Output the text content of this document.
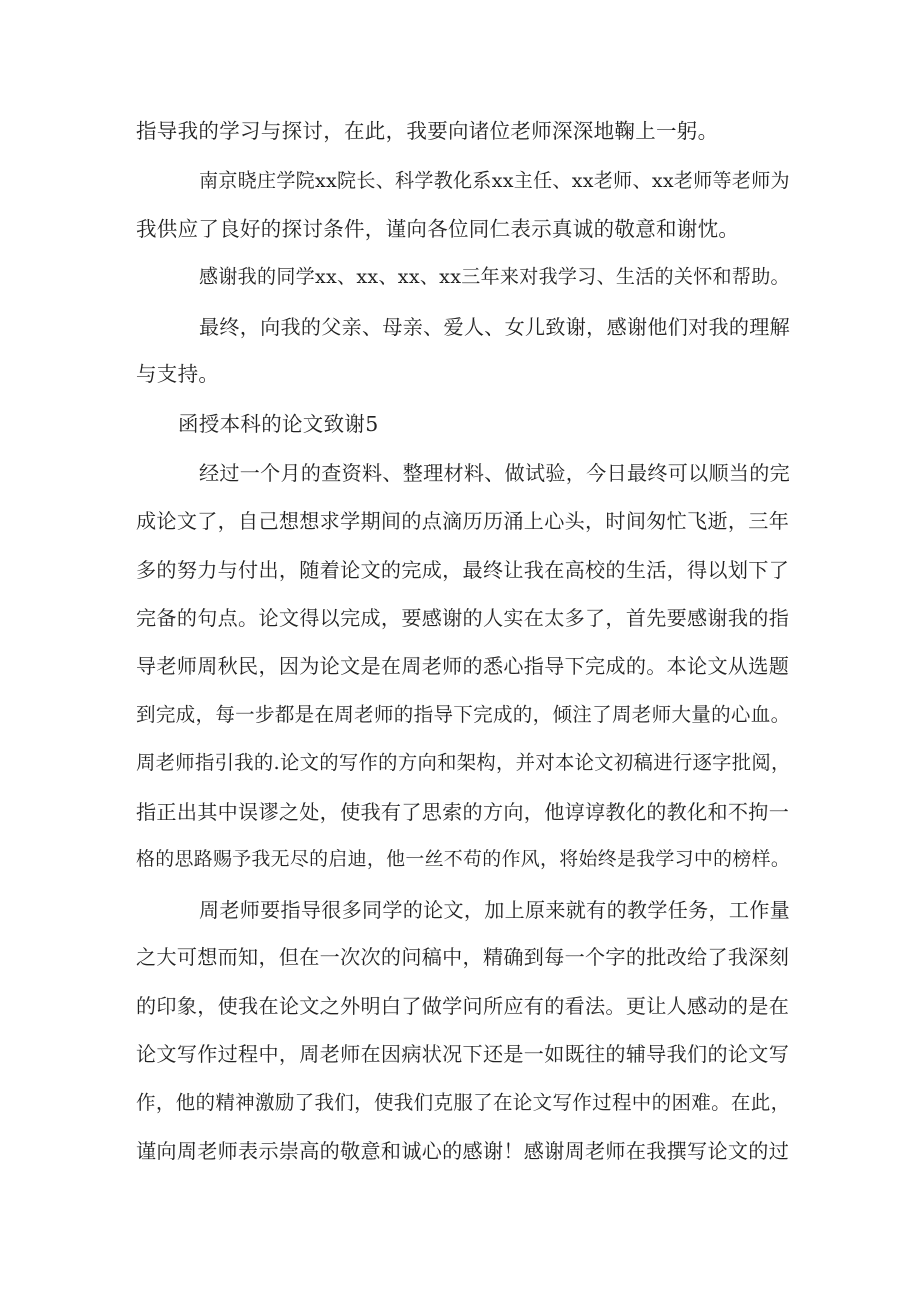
指导我的学习与探讨，在此，我要向诸位老师深深地鞠上一躬。
南京晓庄学院xx院长、科学教化系xx主任、xx老师、xx老师等老师为
我供应了良好的探讨条件，谨向各位同仁表示真诚的敬意和谢忱。
感谢我的同学xx、xx、xx、xx三年来对我学习、生活的关怀和帮助。
最终，向我的父亲、母亲、爱人、女儿致谢，感谢他们对我的理解
与支持。
函授本科的论文致谢5
经过一个月的查资料、整理材料、做试验，今日最终可以顺当的完
成论文了，自己想想求学期间的点滴历历涌上心头，时间匆忙飞逝，三年
多的努力与付出，随着论文的完成，最终让我在高校的生活，得以划下了
完备的句点。论文得以完成，要感谢的人实在太多了，首先要感谢我的指
导老师周秋民，因为论文是在周老师的悉心指导下完成的。本论文从选题
到完成，每一步都是在周老师的指导下完成的，倾注了周老师大量的心血。
周老师指引我的.论文的写作的方向和架构，并对本论文初稿进行逐字批阅，
指正出其中误谬之处，使我有了思索的方向，他谆谆教化的教化和不拘一
格的思路赐予我无尽的启迪，他一丝不苟的作风，将始终是我学习中的榜样。
周老师要指导很多同学的论文，加上原来就有的教学任务，工作量
之大可想而知，但在一次次的问稿中，精确到每一个字的批改给了我深刻
的印象，使我在论文之外明白了做学问所应有的看法。更让人感动的是在
论文写作过程中，周老师在因病状况下还是一如既往的辅导我们的论文写
作，他的精神激励了我们，使我们克服了在论文写作过程中的困难。在此，
谨向周老师表示崇高的敬意和诚心的感谢！感谢周老师在我撰写论文的过
